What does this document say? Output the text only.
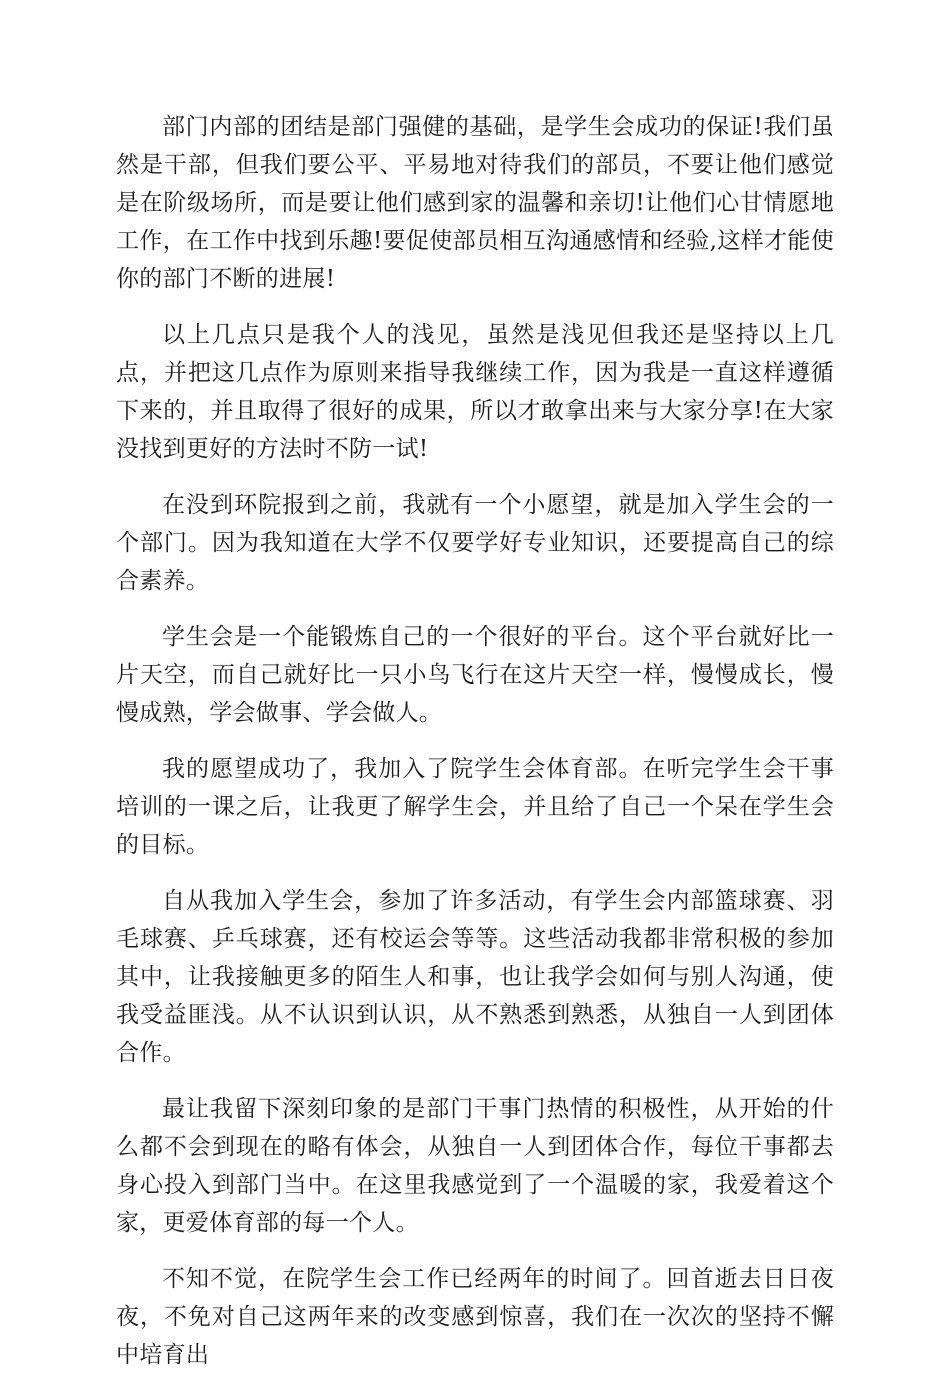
部门内部的团结是部门强健的基础，是学生会成功的保证!我们虽然是干部，但我们要公平、平易地对待我们的部员，不要让他们感觉是在阶级场所，而是要让他们感到家的温馨和亲切!让他们心甘情愿地工作，在工作中找到乐趣!要促使部员相互沟通感情和经验,这样才能使你的部门不断的进展!

以上几点只是我个人的浅见，虽然是浅见但我还是坚持以上几点，并把这几点作为原则来指导我继续工作，因为我是一直这样遵循下来的，并且取得了很好的成果，所以才敢拿出来与大家分享!在大家没找到更好的方法时不防一试!

在没到环院报到之前，我就有一个小愿望，就是加入学生会的一个部门。因为我知道在大学不仅要学好专业知识，还要提高自己的综合素养。

学生会是一个能锻炼自己的一个很好的平台。这个平台就好比一片天空，而自己就好比一只小鸟飞行在这片天空一样，慢慢成长，慢慢成熟，学会做事、学会做人。

我的愿望成功了，我加入了院学生会体育部。在听完学生会干事培训的一课之后，让我更了解学生会，并且给了自己一个呆在学生会的目标。

自从我加入学生会，参加了许多活动，有学生会内部篮球赛、羽毛球赛、乒乓球赛，还有校运会等等。这些活动我都非常积极的参加其中，让我接触更多的陌生人和事，也让我学会如何与别人沟通，使我受益匪浅。从不认识到认识，从不熟悉到熟悉，从独自一人到团体合作。

最让我留下深刻印象的是部门干事门热情的积极性，从开始的什么都不会到现在的略有体会，从独自一人到团体合作，每位干事都去身心投入到部门当中。在这里我感觉到了一个温暖的家，我爱着这个家，更爱体育部的每一个人。

不知不觉，在院学生会工作已经两年的时间了。回首逝去日日夜夜，不免对自己这两年来的改变感到惊喜，我们在一次次的坚持不懈中培育出
